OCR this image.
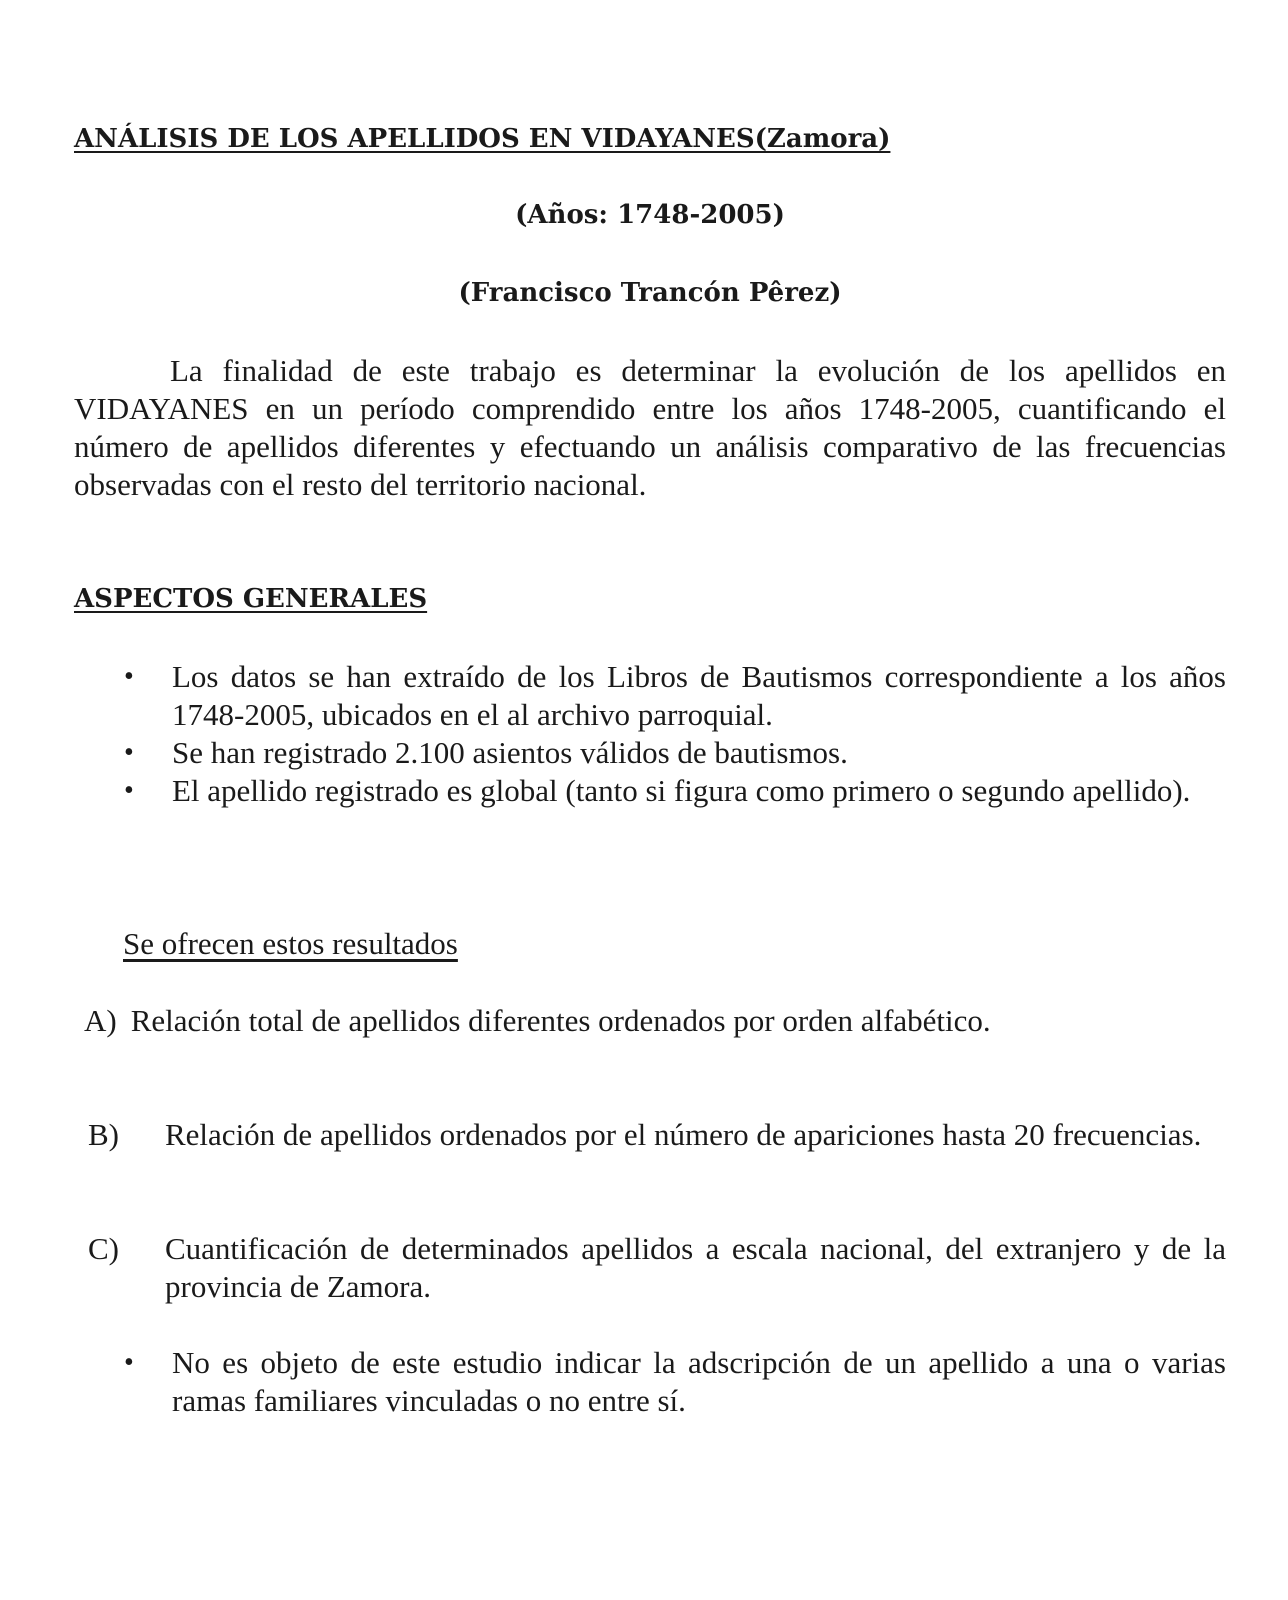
ANÁLISIS DE LOS APELLIDOS EN VIDAYANES(Zamora)
(Años: 1748-2005)
(Francisco Trancón Pêrez)

La finalidad de este trabajo es determinar la evolución de los apellidos en VIDAYANES en un período comprendido entre los años 1748-2005, cuantificando el número de apellidos diferentes y efectuando un análisis comparativo de las frecuencias observadas con el resto del territorio nacional.

ASPECTOS GENERALES
•	Los datos se han extraído de los Libros de Bautismos correspondiente a los años 1748-2005, ubicados en el al archivo parroquial.
•	Se han registrado 2.100 asientos válidos de bautismos.
•	El apellido registrado es global (tanto si figura como primero o segundo apellido).
Se ofrecen estos resultados

A) Relación total de apellidos diferentes ordenados por orden alfabético.

B) Relación de apellidos ordenados por el número de apariciones hasta 20 frecuencias.
C) Cuantificación de determinados apellidos a escala nacional, del extranjero y de la provincia de Zamora.
•	No es objeto de este estudio indicar la adscripción de un apellido a una o varias ramas familiares vinculadas o no entre sí.
